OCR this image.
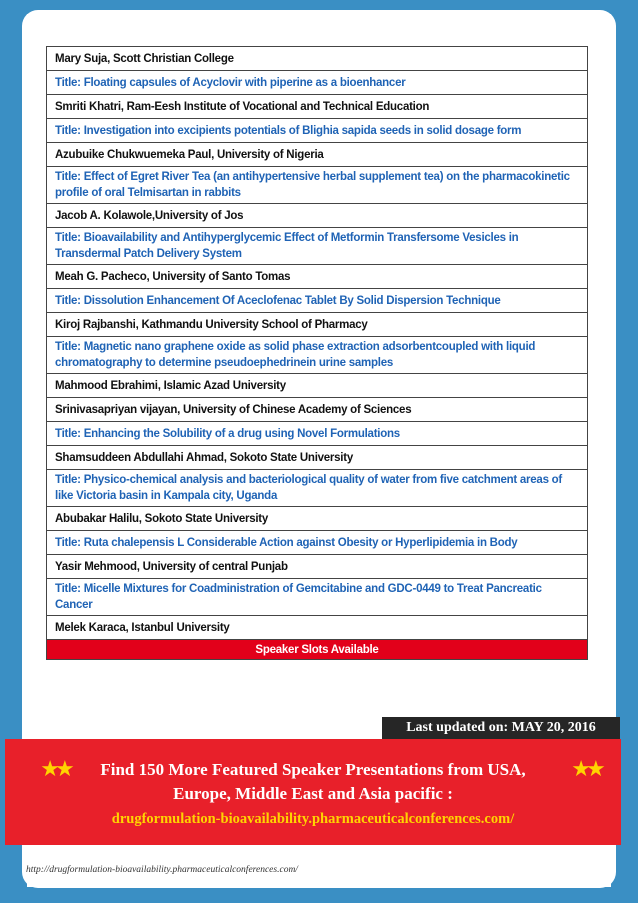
Mary Suja, Scott Christian College
Title: Floating capsules of Acyclovir with piperine as a bioenhancer
Smriti Khatri, Ram-Eesh Institute of Vocational and Technical Education
Title: Investigation into excipients potentials of Blighia sapida seeds in solid dosage form
Azubuike Chukwuemeka Paul, University of Nigeria
Title: Effect of Egret River Tea (an antihypertensive herbal supplement tea) on the pharmacokinetic profile of oral Telmisartan in rabbits
Jacob A. Kolawole,University of Jos
Title: Bioavailability and Antihyperglycemic Effect of Metformin Transfersome Vesicles in Transdermal Patch Delivery System
Meah G. Pacheco, University of Santo Tomas
Title: Dissolution Enhancement Of Aceclofenac Tablet By Solid Dispersion Technique
Kiroj Rajbanshi, Kathmandu University School of Pharmacy
Title: Magnetic nano graphene oxide as solid phase extraction adsorbentcoupled with liquid chromatography to determine pseudoephedrinein urine samples
Mahmood Ebrahimi, Islamic Azad University
Srinivasapriyan vijayan, University of Chinese Academy of Sciences
Title: Enhancing the Solubility of a drug using Novel Formulations
Shamsuddeen Abdullahi Ahmad, Sokoto State University
Title: Physico-chemical analysis and bacteriological quality of water from five catchment areas of like Victoria basin in Kampala city, Uganda
Abubakar Halilu, Sokoto State University
Title: Ruta chalepensis L Considerable Action against Obesity or Hyperlipidemia in Body
Yasir Mehmood, University of central Punjab
Title: Micelle Mixtures for Coadministration of Gemcitabine and GDC-0449 to Treat Pancreatic Cancer
Melek Karaca, Istanbul University
Speaker Slots Available
Last updated on: MAY 20, 2016
★★	Find 150 More Featured Speaker Presentations from USA,
Europe, Middle East and Asia pacific :
drugformulation-bioavailability.pharmaceuticalconferences.com/
★★
http://drugformulation-bioavailability.pharmaceuticalconferences.com/
